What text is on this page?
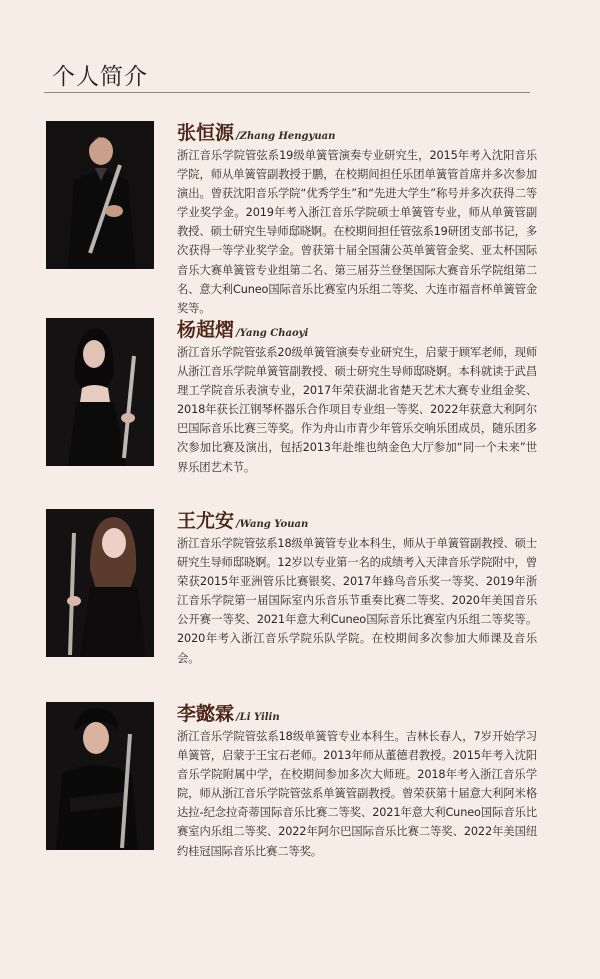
个人简介
张恒源 /Zhang Hengyuan
浙江音乐学院管弦系19级单簧管演奏专业研究生，2015年考入沈阳音乐学院，师从单簧管副教授于鹏，在校期间担任乐团单簧管首席并多次参加演出。曾获沈阳音乐学院“优秀学生”和“先进大学生”称号并多次获得二等学业奖学金。2019年考入浙江音乐学院硕士单簧管专业，师从单簧管副教授、硕士研究生导师邸晓婀。在校期间担任管弦系19研团支部书记，多次获得一等学业奖学金。曾获第十届全国蒲公英单簧管金奖、亚太杯国际音乐大赛单簧管专业组第二名、第三届芬兰登堡国际大赛音乐学院组第二名、意大利Cuneo国际音乐比赛室内乐组二等奖、大连市福音杯单簧管金奖等。
杨超熠 /Yang Chaoyi
浙江音乐学院管弦系20级单簧管演奏专业研究生，启蒙于顾军老师，现师从浙江音乐学院单簧管副教授、硕士研究生导师邸晓婀。本科就读于武昌理工学院音乐表演专业，2017年荣获湖北省楚天艺术大赛专业组金奖、2018年获长江钢琴杯器乐合作项目专业组一等奖、2022年获意大利阿尔巴国际音乐比赛三等奖。作为舟山市青少年管乐交响乐团成员，随乐团多次参加比赛及演出，包括2013年赴维也纳金色大厅参加“同一个未来”世界乐团艺术节。
王尤安 /Wang Youan
浙江音乐学院管弦系18级单簧管专业本科生，师从于单簧管副教授、硕士研究生导师邸晓婀。12岁以专业第一名的成绩考入天津音乐学院附中，曾荣获2015年亚洲管乐比赛银奖、2017年蜂鸟音乐奖一等奖、2019年浙江音乐学院第一届国际室内乐音乐节重奏比赛二等奖、2020年美国音乐公开赛一等奖、2021年意大利Cuneo国际音乐比赛室内乐组二等奖等。2020年考入浙江音乐学院乐队学院。在校期间多次参加大师课及音乐会。
李懿霖 /Li Yilin
浙江音乐学院管弦系18级单簧管专业本科生。吉林长春人，7岁开始学习单簧管，启蒙于王宝石老师。2013年师从董德君教授。2015年考入沈阳音乐学院附属中学，在校期间参加多次大师班。2018年考入浙江音乐学院，师从浙江音乐学院管弦系单簧管副教授。曾荣获第十届意大利阿米格达拉-纪念拉奇蒂国际音乐比赛二等奖、2021年意大利Cuneo国际音乐比赛室内乐组二等奖、2022年阿尔巴国际音乐比赛二等奖、2022年美国纽约桂冠国际音乐比赛二等奖。
